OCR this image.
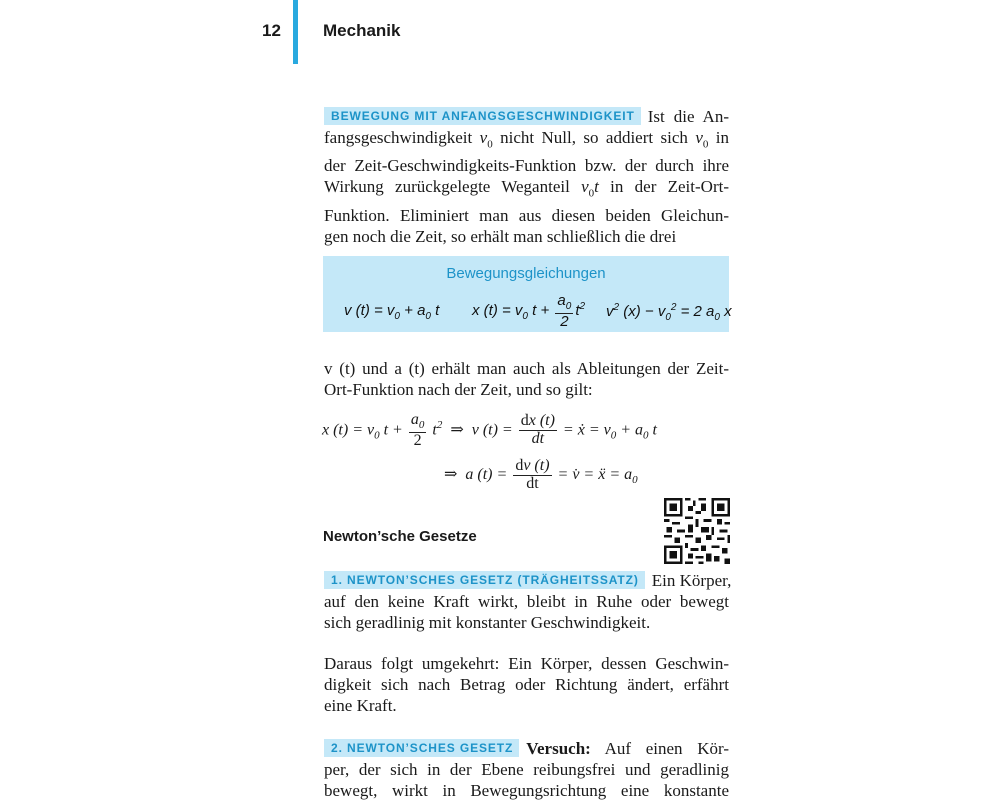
12 Mechanik
BEWEGUNG MIT ANFANGSGESCHWINDIGKEIT Ist die An-
fangsgeschwindigkeit $v_0$ nicht Null, so addiert sich $v_0$ in
der Zeit-Geschwindigkeits-Funktion bzw. der durch ihre
Wirkung zurückgelegte Weganteil $v_0t$ in der Zeit-Ort-
Funktion. Eliminiert man aus diesen beiden Gleichun-
gen noch die Zeit, so erhält man schließlich die drei
Bewegungsgleichungen
v $(t) = v_0 + a_0$ t x $(t) = v_0$ $t + \frac{a_0}{2} t^2$ $v^2$ $(x) - v_0^2 = 2$ $a_0$ x
v (t) und a (t) erhält man auch als Ableitungen der Zeit-
Ort-Funktion nach der Zeit, und so gilt:
x $(t) = v_0$ $t + \frac{a_0}{2} t^2$  ⇒  v $(t) = \frac{dx (t)}{dt}$ = ẋ = $v_0 + a_0$ t
⇒  a $(t) = \frac{dv (t)}{dt}$ = v̇ = ẍ = $a_0$
Newton’sche Gesetze
1. NEWTON’SCHES GESETZ (TRÄGHEITSSATZ) Ein Körper,
auf den keine Kraft wirkt, bleibt in Ruhe oder bewegt
sich geradlinig mit konstanter Geschwindigkeit.
Daraus folgt umgekehrt: Ein Körper, dessen Geschwin-
digkeit sich nach Betrag oder Richtung ändert, erfährt
eine Kraft.
2. NEWTON’SCHES GESETZ Versuch: Auf einen Kör-
per, der sich in der Ebene reibungsfrei und geradlinig
bewegt, wirkt in Bewegungsrichtung eine konstante
